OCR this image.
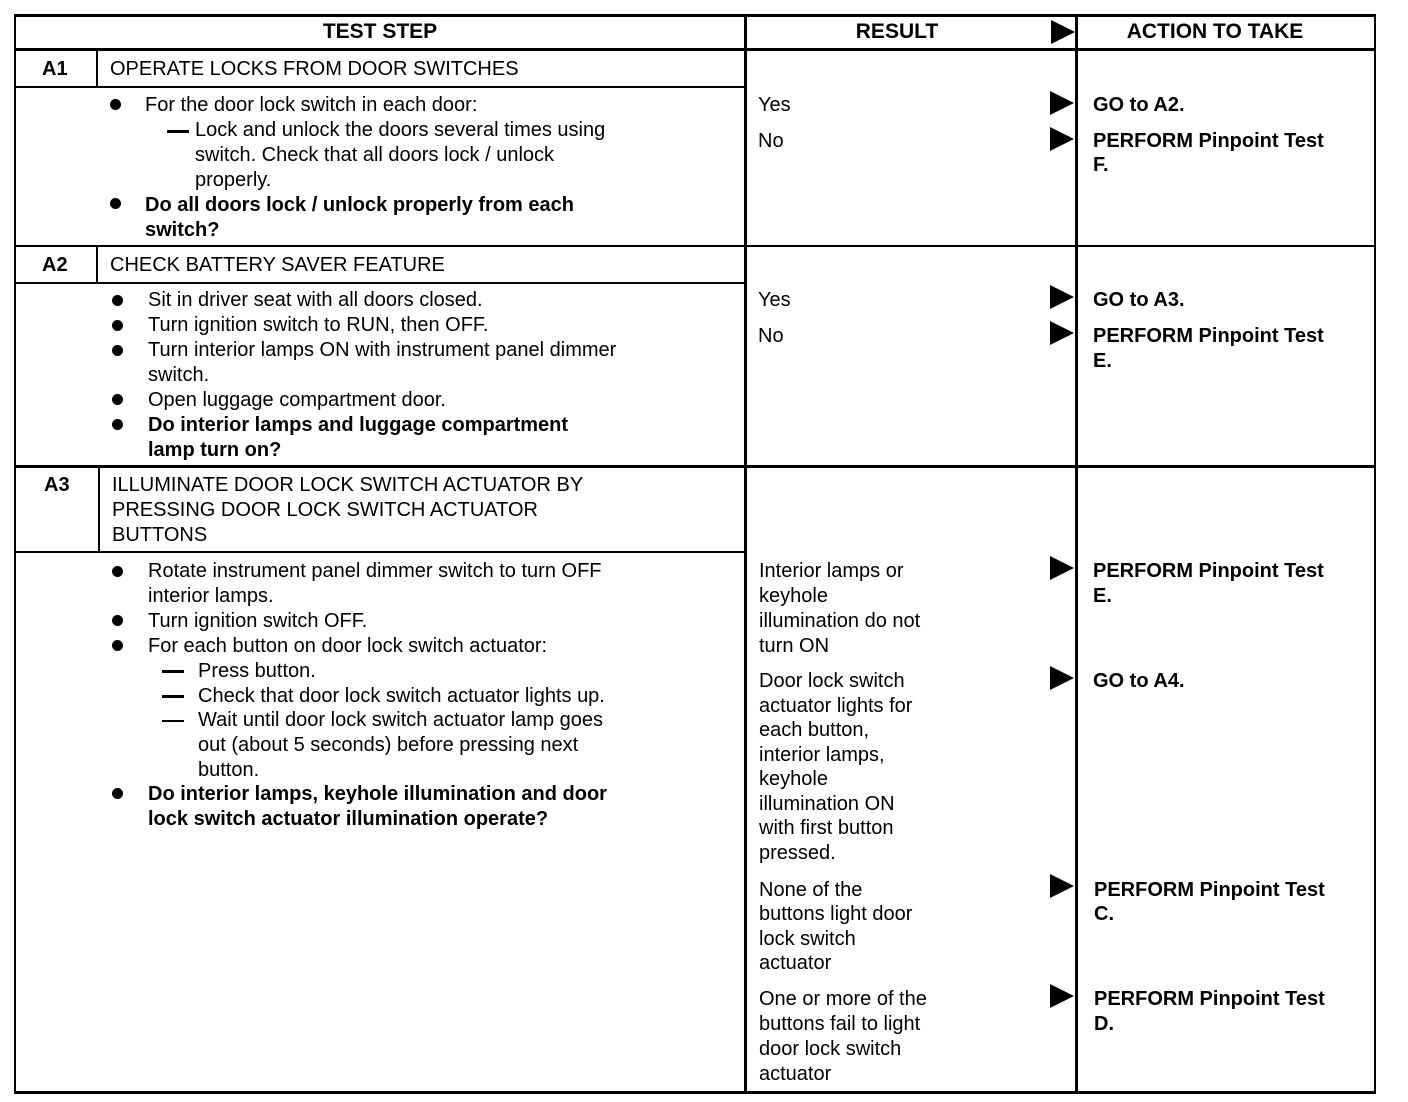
TEST STEP	RESULT	ACTION TO TAKE
A1 OPERATE LOCKS FROM DOOR SWITCHES
For the door lock switch in each door:
Lock and unlock the doors several times using
switch. Check that all doors lock / unlock
properly.
Do all doors lock / unlock properly from each
switch?
Yes
No
GO to A2.
PERFORM Pinpoint Test
F.
A2 CHECK BATTERY SAVER FEATURE
Sit in driver seat with all doors closed.
Turn ignition switch to RUN, then OFF.
Turn interior lamps ON with instrument panel dimmer
switch.
Open luggage compartment door.
Do interior lamps and luggage compartment
lamp turn on?
Yes
No
GO to A3.
PERFORM Pinpoint Test
E.
A3 ILLUMINATE DOOR LOCK SWITCH ACTUATOR BY
PRESSING DOOR LOCK SWITCH ACTUATOR
BUTTONS
Rotate instrument panel dimmer switch to turn OFF
interior lamps.
Turn ignition switch OFF.
For each button on door lock switch actuator:
Press button.
Check that door lock switch actuator lights up.
Wait until door lock switch actuator lamp goes
out (about 5 seconds) before pressing next
button.
Do interior lamps, keyhole illumination and door
lock switch actuator illumination operate?
Interior lamps or
keyhole
illumination do not
turn ON
Door lock switch
actuator lights for
each button,
interior lamps,
keyhole
illumination ON
with first button
pressed.
None of the
buttons light door
lock switch
actuator
One or more of the
buttons fail to light
door lock switch
actuator
PERFORM Pinpoint Test
E.
GO to A4.
PERFORM Pinpoint Test
C.
PERFORM Pinpoint Test
D.
